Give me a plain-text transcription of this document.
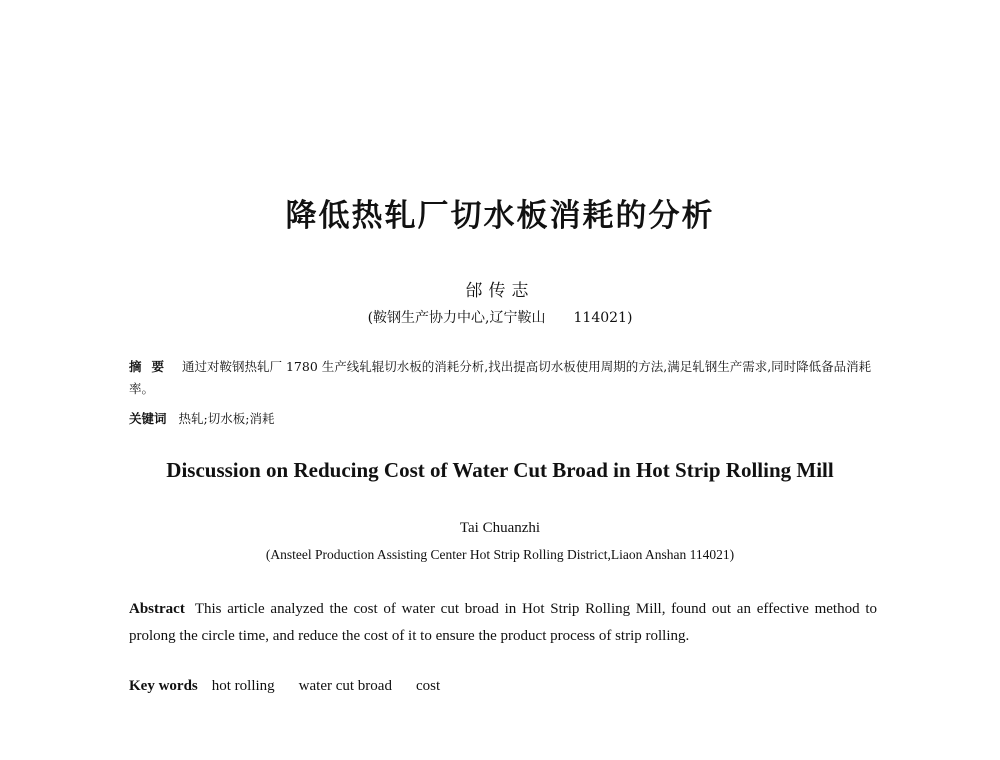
降低热轧厂切水板消耗的分析
邰传志
(鞍钢生产协力中心,辽宁鞍山 114021)
摘要 通过对鞍钢热轧厂 1780 生产线轧辊切水板的消耗分析,找出提高切水板使用周期的方法,满足轧钢生产需求,同时降低备品消耗率。
关键词 热轧;切水板;消耗
Discussion on Reducing Cost of Water Cut Broad in Hot Strip Rolling Mill
Tai Chuanzhi
(Ansteel Production Assisting Center Hot Strip Rolling District,Liaon Anshan 114021)
Abstract This article analyzed the cost of water cut broad in Hot Strip Rolling Mill, found out an effective method to prolong the circle time, and reduce the cost of it to ensure the product process of strip rolling.
Key words hot rolling water cut broad cost
